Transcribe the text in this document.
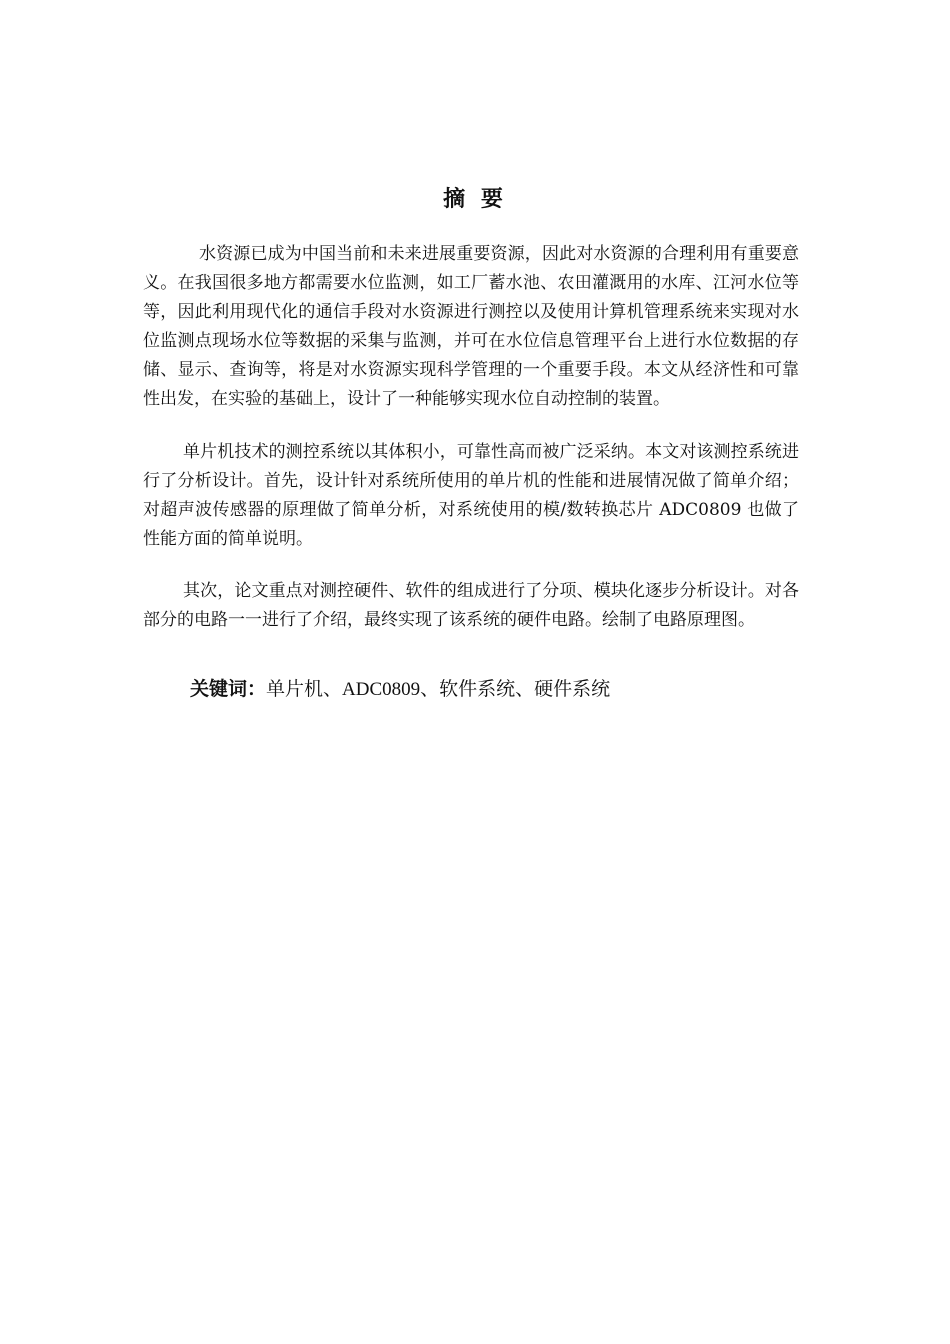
摘 要

水资源已成为中国当前和未来进展重要资源，因此对水资源的合理利用有重要意义。在我国很多地方都需要水位监测，如工厂蓄水池、农田灌溉用的水库、江河水位等等，因此利用现代化的通信手段对水资源进行测控以及使用计算机管理系统来实现对水位监测点现场水位等数据的采集与监测，并可在水位信息管理平台上进行水位数据的存储、显示、查询等，将是对水资源实现科学管理的一个重要手段。本文从经济性和可靠性出发，在实验的基础上，设计了一种能够实现水位自动控制的装置。

单片机技术的测控系统以其体积小，可靠性高而被广泛采纳。本文对该测控系统进行了分析设计。首先，设计针对系统所使用的单片机的性能和进展情况做了简单介绍；对超声波传感器的原理做了简单分析，对系统使用的模/数转换芯片 ADC0809 也做了性能方面的简单说明。

其次，论文重点对测控硬件、软件的组成进行了分项、模块化逐步分析设计。对各部分的电路一一进行了介绍，最终实现了该系统的硬件电路。绘制了电路原理图。

关键词：单片机、ADC0809、软件系统、硬件系统
